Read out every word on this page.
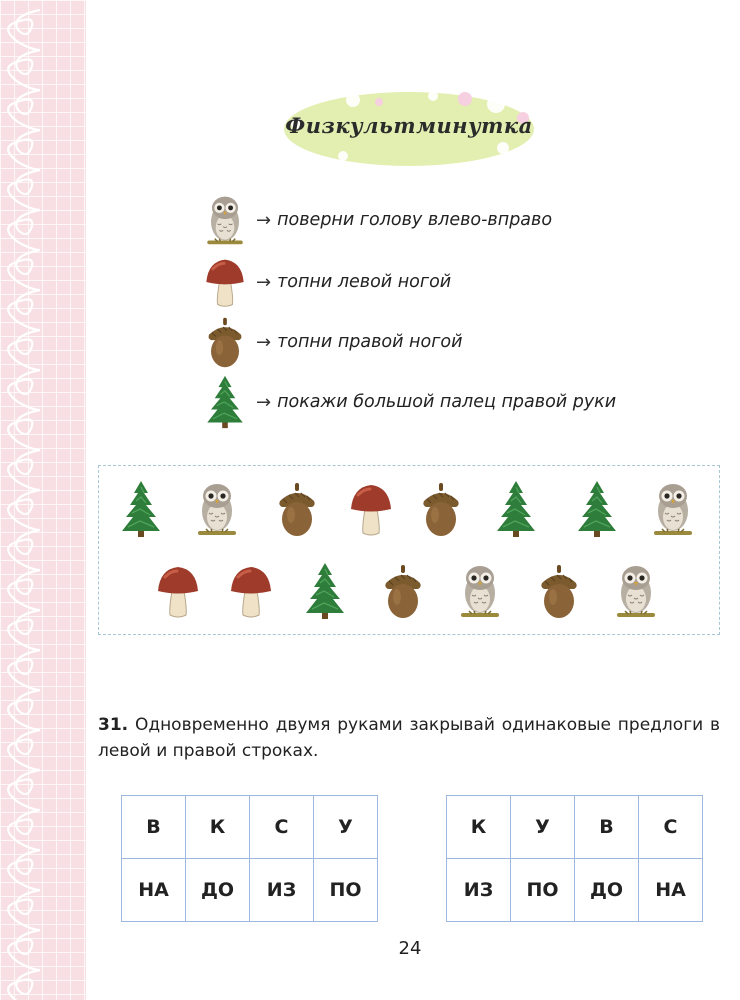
Физкультминутка
→ поверни голову влево-вправо
→ топни левой ногой
→ топни правой ногой
→ покажи большой палец правой руки
31. Одновременно двумя руками закрывай одинаковые предлоги в левой и правой строках.
В	К	С	У
НА	ДО	ИЗ	ПО
К	У	В	С
ИЗ	ПО	ДО	НА
24
